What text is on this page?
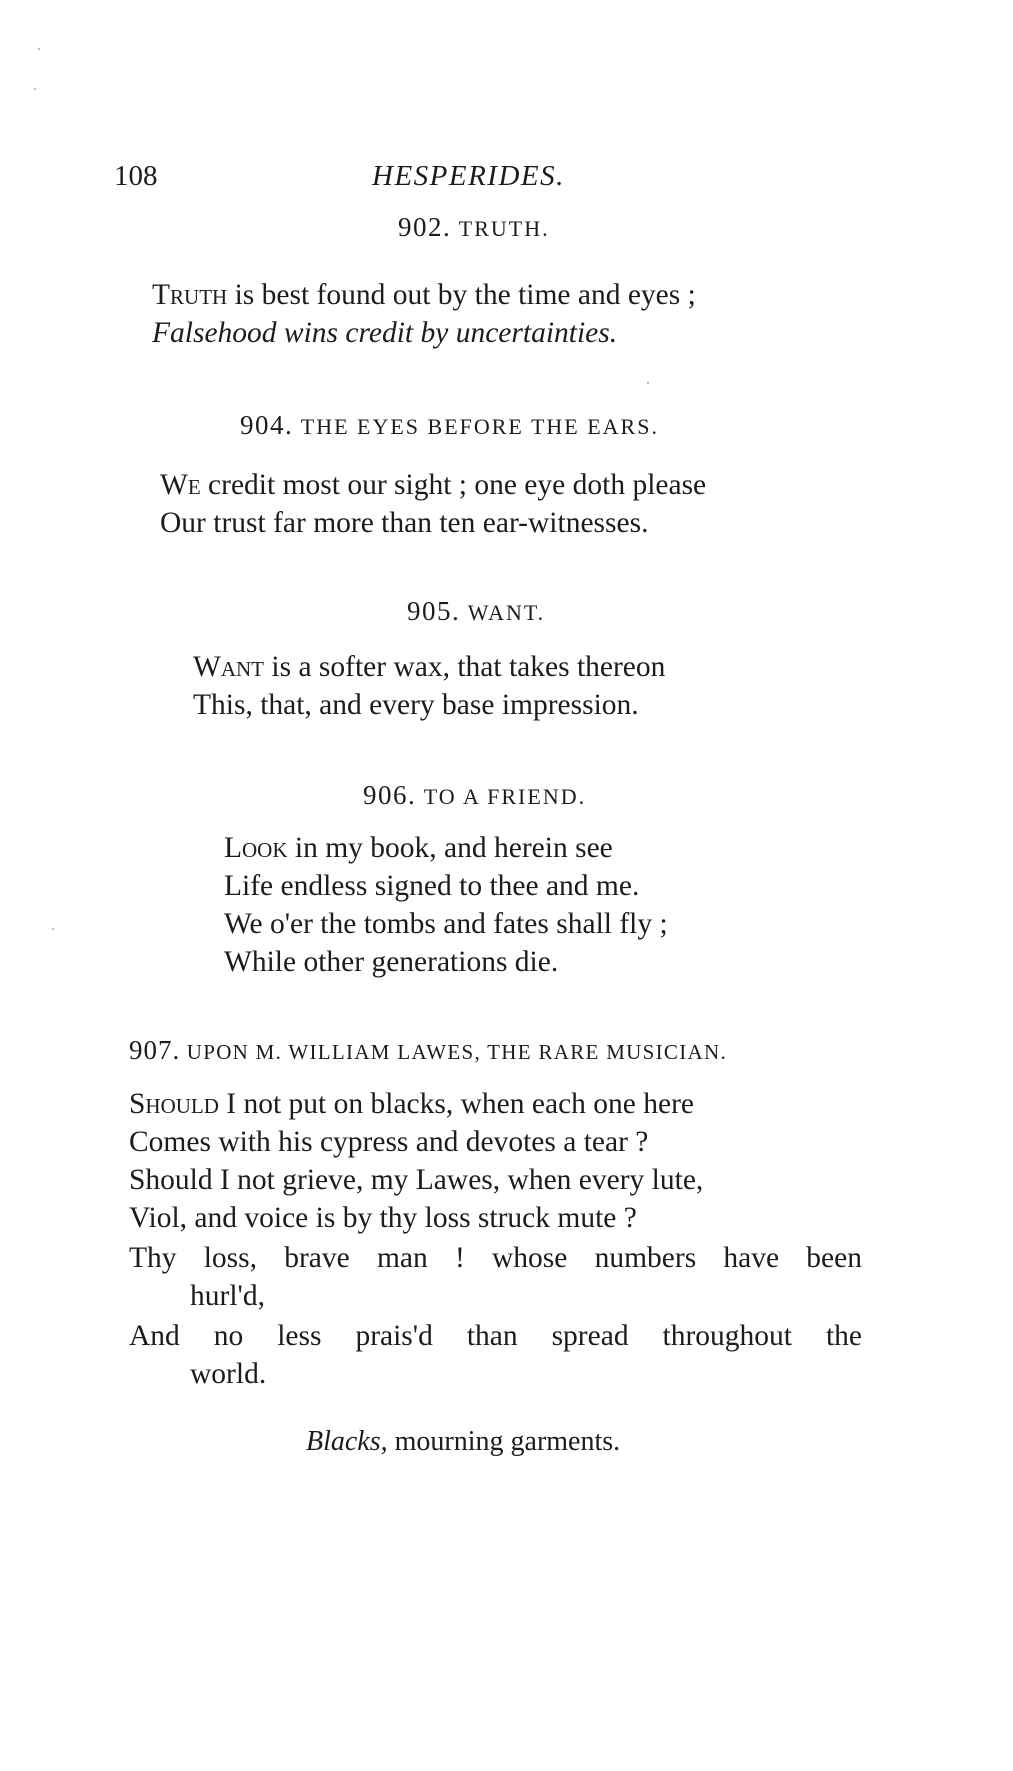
108	HESPERIDES.
902. TRUTH.
Truth is best found out by the time and eyes ;
Falsehood wins credit by uncertainties.
904. THE EYES BEFORE THE EARS.
We credit most our sight ; one eye doth please
Our trust far more than ten ear-witnesses.
905. WANT.
Want is a softer wax, that takes thereon
This, that, and every base impression.
906. TO A FRIEND.
Look in my book, and herein see
Life endless signed to thee and me.
We o'er the tombs and fates shall fly ;
While other generations die.
907. UPON M. WILLIAM LAWES, THE RARE MUSICIAN.
Should I not put on blacks, when each one here
Comes with his cypress and devotes a tear ?
Should I not grieve, my Lawes, when every lute,
Viol, and voice is by thy loss struck mute ?
Thy loss, brave man ! whose numbers have been
hurl'd,
And no less prais'd than spread throughout the
world.
Blacks, mourning garments.
